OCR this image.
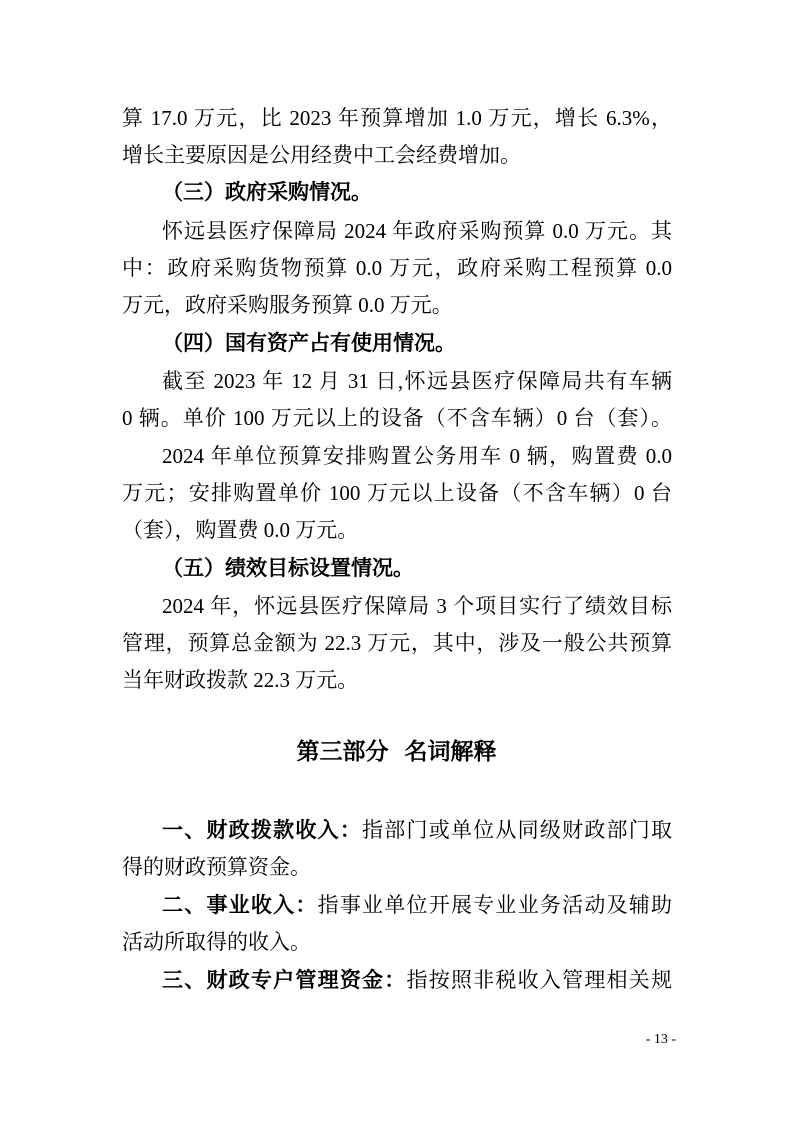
算 17.0 万元，比 2023 年预算增加 1.0 万元，增长 6.3%，
增长主要原因是公用经费中工会经费增加。
（三）政府采购情况。
怀远县医疗保障局 2024 年政府采购预算 0.0 万元。其
中：政府采购货物预算 0.0 万元，政府采购工程预算 0.0
万元，政府采购服务预算 0.0 万元。
（四）国有资产占有使用情况。
截至 2023 年 12 月 31 日,怀远县医疗保障局共有车辆
0 辆。单价 100 万元以上的设备（不含车辆）0 台（套）。
2024 年单位预算安排购置公务用车 0 辆，购置费 0.0
万元；安排购置单价 100 万元以上设备（不含车辆）0 台
（套），购置费 0.0 万元。
（五）绩效目标设置情况。
2024 年，怀远县医疗保障局 3 个项目实行了绩效目标
管理，预算总金额为 22.3 万元，其中，涉及一般公共预算
当年财政拨款 22.3 万元。
第三部分  名词解释
一、财政拨款收入：指部门或单位从同级财政部门取
得的财政预算资金。
二、事业收入：指事业单位开展专业业务活动及辅助
活动所取得的收入。
三、财政专户管理资金：指按照非税收入管理相关规
- 13 -
